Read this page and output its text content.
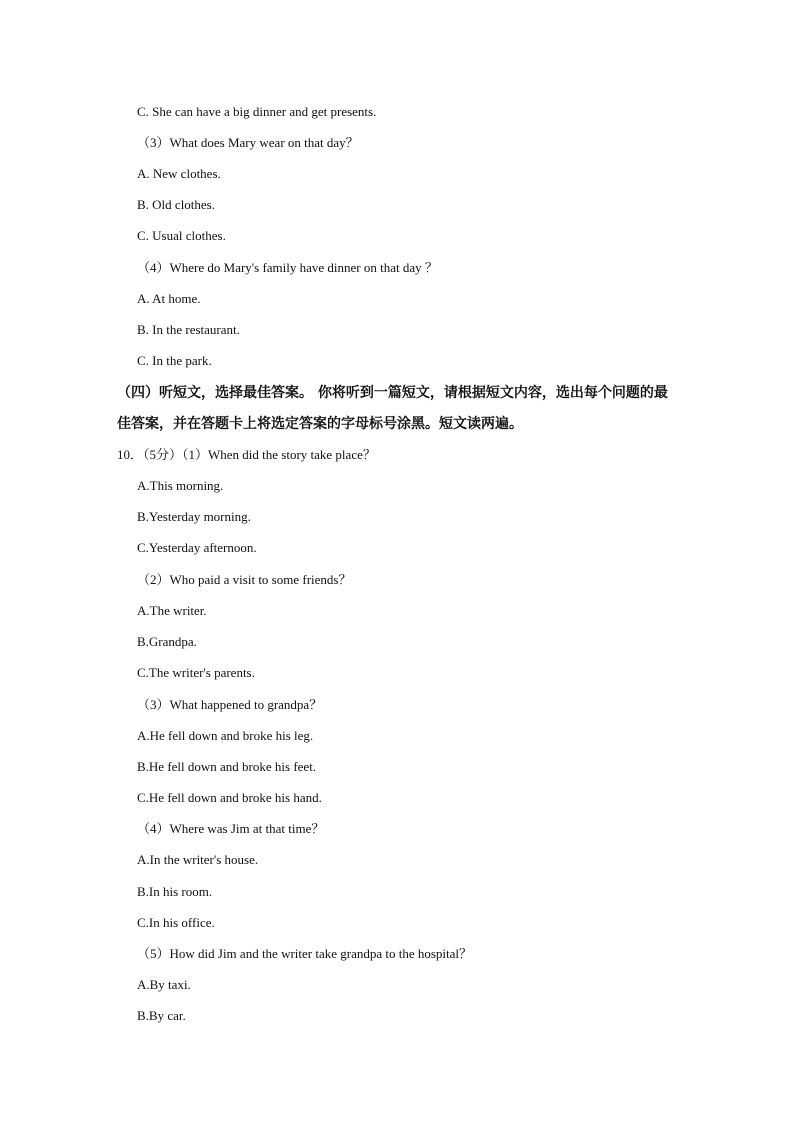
C. She can have a big dinner and get presents.
（3）What does Mary wear on that day？
A. New clothes.
B. Old clothes.
C. Usual clothes.
（4）Where do Mary's family have dinner on that day ？
A. At home.
B. In the restaurant.
C. In the park.
（四）听短文，选择最佳答案。 你将听到一篇短文，请根据短文内容，选出每个问题的最
佳答案，并在答题卡上将选定答案的字母标号涂黑。短文读两遍。
10．（5分）（1）When did the story take place？
A.This morning.
B.Yesterday morning.
C.Yesterday afternoon.
（2）Who paid a visit to some friends？
A.The writer.
B.Grandpa.
C.The writer's parents.
（3）What happened to grandpa？
A.He fell down and broke his leg.
B.He fell down and broke his feet.
C.He fell down and broke his hand.
（4）Where was Jim at that time？
A.In the writer's house.
B.In his room.
C.In his office.
（5）How did Jim and the writer take grandpa to the hospital？
A.By taxi.
B.By car.
